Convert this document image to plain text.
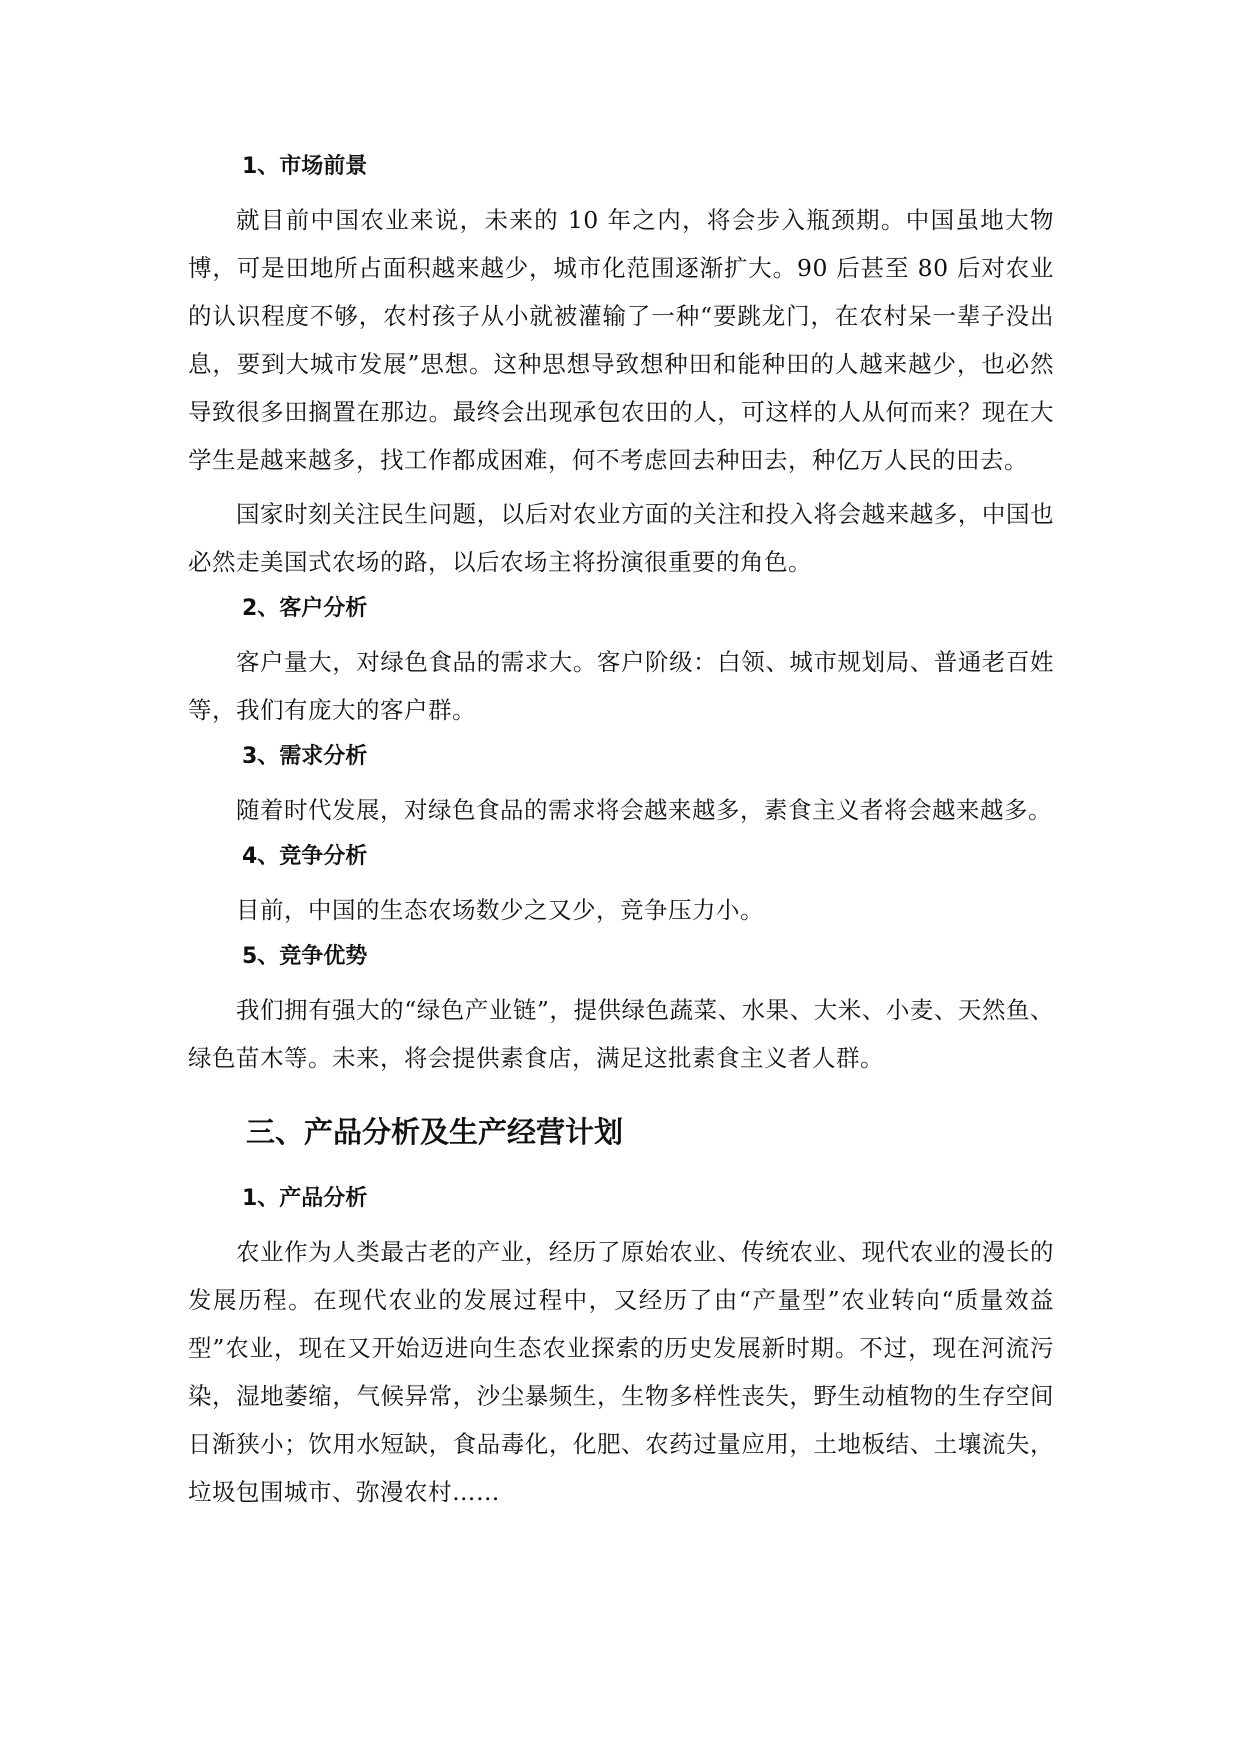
1、市场前景

就目前中国农业来说，未来的 10 年之内，将会步入瓶颈期。中国虽地大物博，可是田地所占面积越来越少，城市化范围逐渐扩大。90 后甚至 80 后对农业的认识程度不够，农村孩子从小就被灌输了一种“要跳龙门，在农村呆一辈子没出息，要到大城市发展”思想。这种思想导致想种田和能种田的人越来越少，也必然导致很多田搁置在那边。最终会出现承包农田的人，可这样的人从何而来？现在大学生是越来越多，找工作都成困难，何不考虑回去种田去，种亿万人民的田去。

国家时刻关注民生问题，以后对农业方面的关注和投入将会越来越多，中国也必然走美国式农场的路，以后农场主将扮演很重要的角色。

2、客户分析

客户量大，对绿色食品的需求大。客户阶级：白领、城市规划局、普通老百姓等，我们有庞大的客户群。

3、需求分析

随着时代发展，对绿色食品的需求将会越来越多，素食主义者将会越来越多。

4、竞争分析

目前，中国的生态农场数少之又少，竞争压力小。

5、竞争优势

我们拥有强大的“绿色产业链”，提供绿色蔬菜、水果、大米、小麦、天然鱼、绿色苗木等。未来，将会提供素食店，满足这批素食主义者人群。

三、产品分析及生产经营计划
1、产品分析

农业作为人类最古老的产业，经历了原始农业、传统农业、现代农业的漫长的发展历程。在现代农业的发展过程中，又经历了由“产量型”农业转向“质量效益型”农业，现在又开始迈进向生态农业探索的历史发展新时期。不过，现在河流污染，湿地萎缩，气候异常，沙尘暴频生，生物多样性丧失，野生动植物的生存空间日渐狭小；饮用水短缺，食品毒化，化肥、农药过量应用，土地板结、土壤流失，垃圾包围城市、弥漫农村……
